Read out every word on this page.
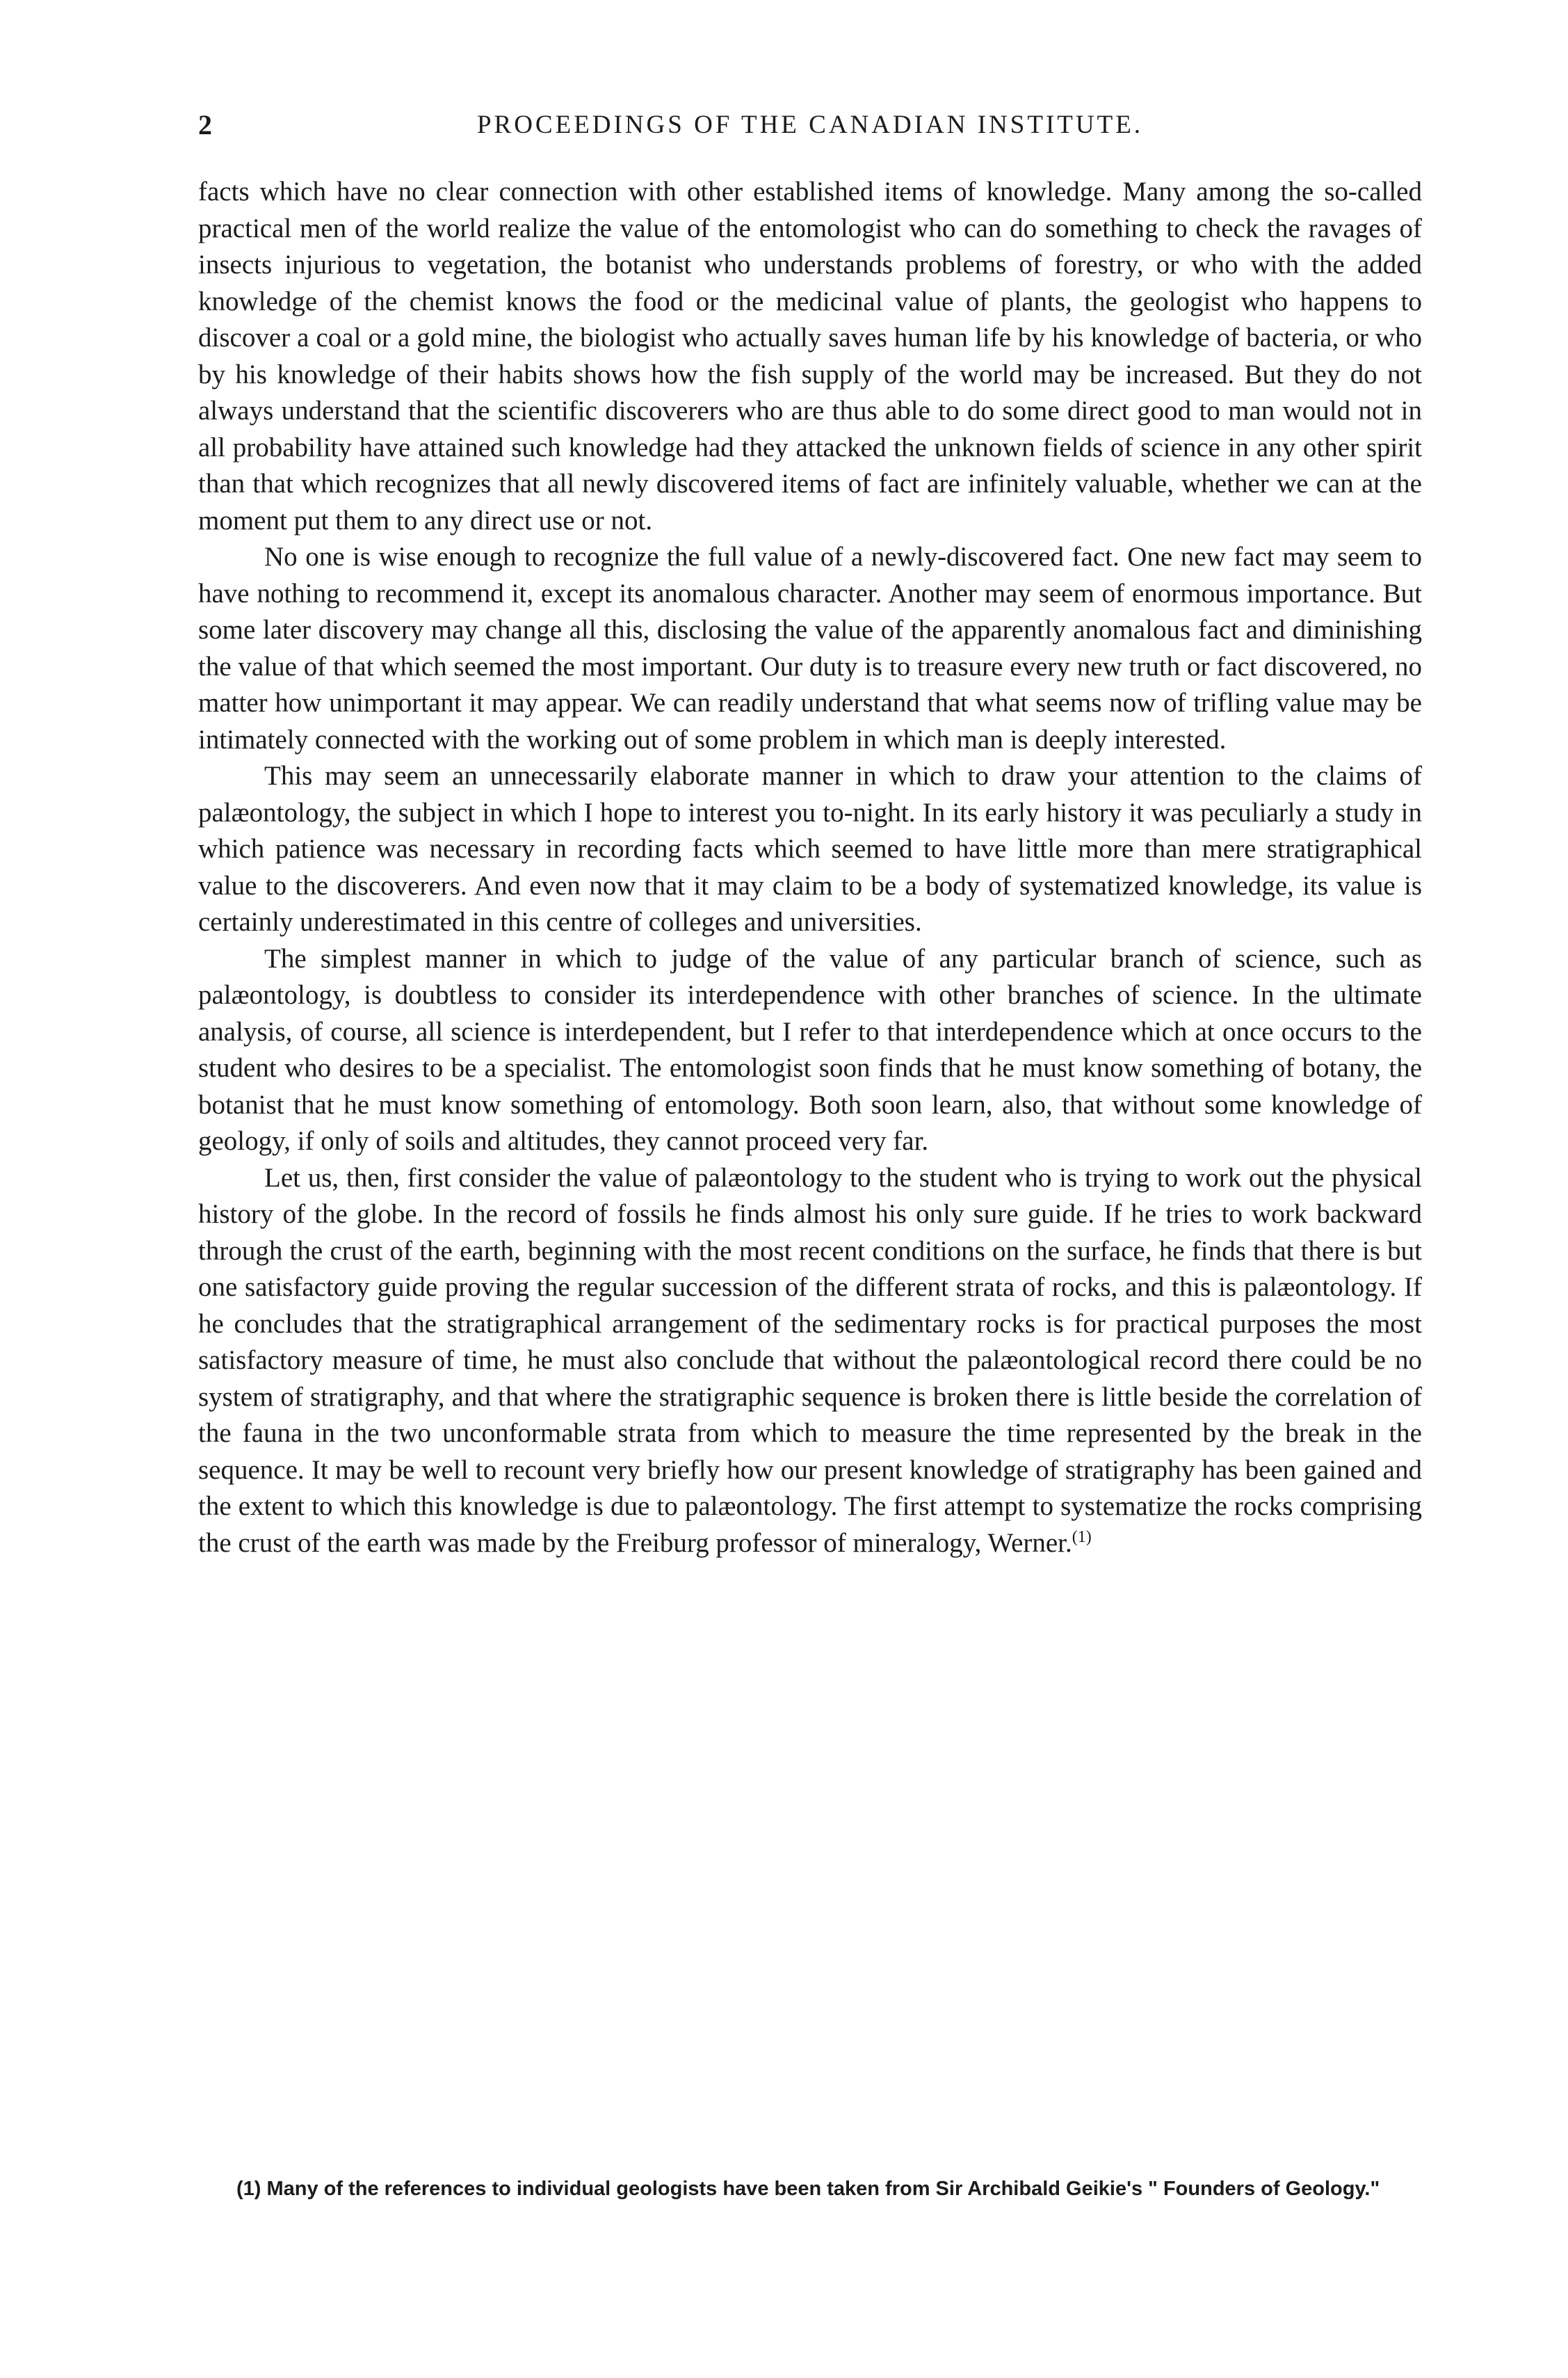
2	PROCEEDINGS OF THE CANADIAN INSTITUTE.

facts which have no clear connection with other established items of knowledge. Many among the so-called practical men of the world realize the value of the entomologist who can do something to check the ravages of insects injurious to vegetation, the botanist who understands problems of forestry, or who with the added knowledge of the chemist knows the food or the medicinal value of plants, the geologist who happens to discover a coal or a gold mine, the biologist who actually saves human life by his knowledge of bacteria, or who by his knowledge of their habits shows how the fish supply of the world may be increased. But they do not always understand that the scientific discoverers who are thus able to do some direct good to man would not in all probability have attained such knowledge had they attacked the unknown fields of science in any other spirit than that which recognizes that all newly discovered items of fact are infinitely valuable, whether we can at the moment put them to any direct use or not.

No one is wise enough to recognize the full value of a newly-discovered fact. One new fact may seem to have nothing to recommend it, except its anomalous character. Another may seem of enormous importance. But some later discovery may change all this, disclosing the value of the apparently anomalous fact and diminishing the value of that which seemed the most important. Our duty is to treasure every new truth or fact discovered, no matter how unimportant it may appear. We can readily understand that what seems now of trifling value may be intimately connected with the working out of some problem in which man is deeply interested.

This may seem an unnecessarily elaborate manner in which to draw your attention to the claims of palæontology, the subject in which I hope to interest you to-night. In its early history it was peculiarly a study in which patience was necessary in recording facts which seemed to have little more than mere stratigraphical value to the discoverers. And even now that it may claim to be a body of systematized knowledge, its value is certainly underestimated in this centre of colleges and universities.

The simplest manner in which to judge of the value of any particular branch of science, such as palæontology, is doubtless to consider its interdependence with other branches of science. In the ultimate analysis, of course, all science is interdependent, but I refer to that interdependence which at once occurs to the student who desires to be a specialist. The entomologist soon finds that he must know something of botany, the botanist that he must know something of entomology. Both soon learn, also, that without some knowledge of geology, if only of soils and altitudes, they cannot proceed very far.

Let us, then, first consider the value of palæontology to the student who is trying to work out the physical history of the globe. In the record of fossils he finds almost his only sure guide. If he tries to work backward through the crust of the earth, beginning with the most recent conditions on the surface, he finds that there is but one satisfactory guide proving the regular succession of the different strata of rocks, and this is palæontology. If he concludes that the stratigraphical arrangement of the sedimentary rocks is for practical purposes the most satisfactory measure of time, he must also conclude that without the palæontological record there could be no system of stratigraphy, and that where the stratigraphic sequence is broken there is little beside the correlation of the fauna in the two unconformable strata from which to measure the time represented by the break in the sequence. It may be well to recount very briefly how our present knowledge of stratigraphy has been gained and the extent to which this knowledge is due to palæontology. The first attempt to systematize the rocks comprising the crust of the earth was made by the Freiburg professor of mineralogy, Werner.$^{(1)}$

(1) Many of the references to individual geologists have been taken from Sir Archibald Geikie's " Founders of Geology."
